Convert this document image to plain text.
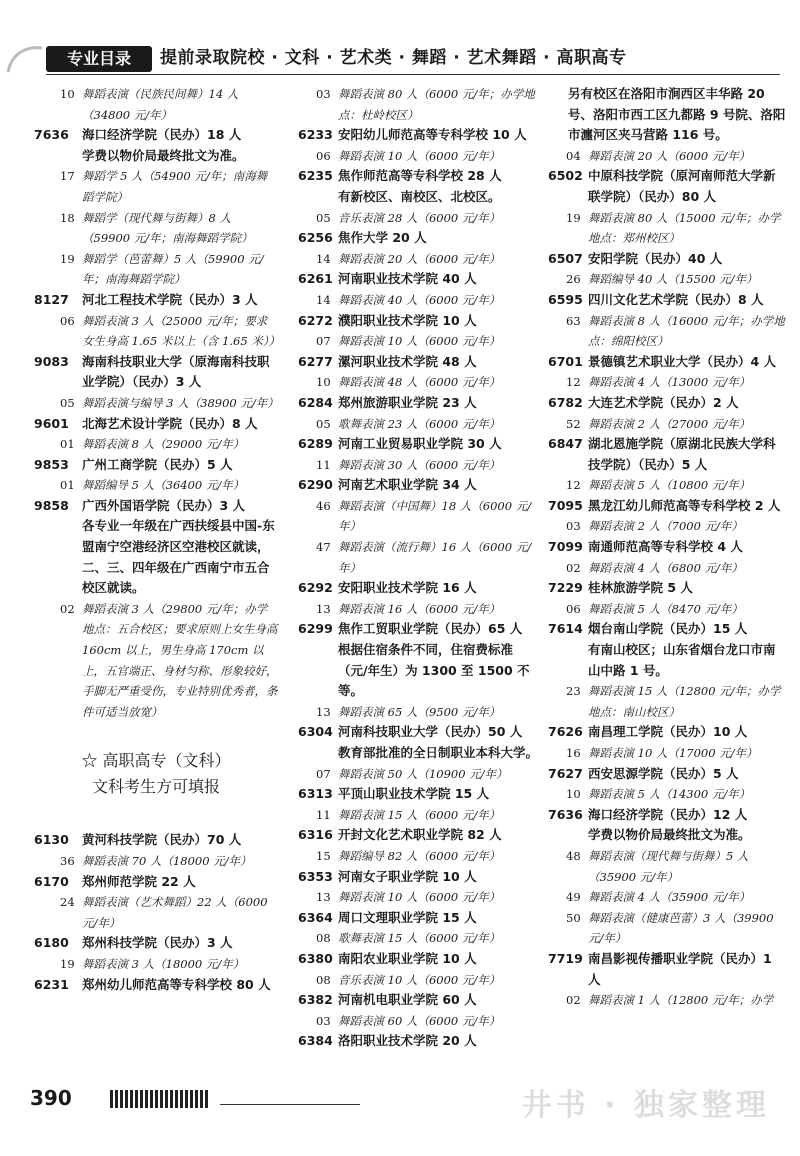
专业目录	提前录取院校 · 文科 · 艺术类 · 舞蹈 · 艺术舞蹈 · 高职高专
10 舞蹈表演（民族民间舞）14 人（34800 元/年）
7636	海口经济学院（民办）18 人
学费以物价局最终批文为准。
17 舞蹈学 5 人（54900 元/年；南海舞蹈学院）
18 舞蹈学（现代舞与街舞）8 人（59900 元/年；南海舞蹈学院）
19 舞蹈学（芭蕾舞）5 人（59900 元/年；南海舞蹈学院）
8127	河北工程技术学院（民办）3 人
06 舞蹈表演 3 人（25000 元/年；要求女生身高 1.65 米以上（含 1.65 米））
9083	海南科技职业大学（原海南科技职业学院）（民办）3 人
05 舞蹈表演与编导 3 人（38900 元/年）
9601	北海艺术设计学院（民办）8 人
01 舞蹈表演 8 人（29000 元/年）
9853	广州工商学院（民办）5 人
01 舞蹈编导 5 人（36400 元/年）
9858	广西外国语学院（民办）3 人
各专业一年级在广西扶绥县中国-东盟南宁空港经济区空港校区就读，二、三、四年级在广西南宁市五合校区就读。
02 舞蹈表演 3 人（29800 元/年；办学地点：五合校区；要求原则上女生身高 160cm 以上，男生身高 170cm 以上，五官端正、身材匀称、形象较好，手脚无严重受伤，专业特别优秀者，条件可适当放宽）
☆ 高职高专（文科）
文科考生方可填报
6130	黄河科技学院（民办）70 人
36 舞蹈表演 70 人（18000 元/年）
6170	郑州师范学院 22 人
24 舞蹈表演（艺术舞蹈）22 人（6000 元/年）
6180	郑州科技学院（民办）3 人
19 舞蹈表演 3 人（18000 元/年）
6231	郑州幼儿师范高等专科学校 80 人
03 舞蹈表演 80 人（6000 元/年；办学地点：杜岭校区）
6233 安阳幼儿师范高等专科学校 10 人
06 舞蹈表演 10 人（6000 元/年）
6235 焦作师范高等专科学校 28 人
有新校区、南校区、北校区。
05 音乐表演 28 人（6000 元/年）
6256 焦作大学 20 人
14 舞蹈表演 20 人（6000 元/年）
6261 河南职业技术学院 40 人
14 舞蹈表演 40 人（6000 元/年）
6272 濮阳职业技术学院 10 人
07 舞蹈表演 10 人（6000 元/年）
6277 漯河职业技术学院 48 人
10 舞蹈表演 48 人（6000 元/年）
6284 郑州旅游职业学院 23 人
05 歌舞表演 23 人（6000 元/年）
6289 河南工业贸易职业学院 30 人
11 舞蹈表演 30 人（6000 元/年）
6290 河南艺术职业学院 34 人
46 舞蹈表演（中国舞）18 人（6000 元/年）
47 舞蹈表演（流行舞）16 人（6000 元/年）
6292 安阳职业技术学院 16 人
13 舞蹈表演 16 人（6000 元/年）
6299 焦作工贸职业学院（民办）65 人
根据住宿条件不同，住宿费标准（元/年生）为 1300 至 1500 不等。
13 舞蹈表演 65 人（9500 元/年）
6304 河南科技职业大学（民办）50 人
教育部批准的全日制职业本科大学。
07 舞蹈表演 50 人（10900 元/年）
6313 平顶山职业技术学院 15 人
11 舞蹈表演 15 人（6000 元/年）
6316 开封文化艺术职业学院 82 人
15 舞蹈编导 82 人（6000 元/年）
6353 河南女子职业学院 10 人
13 舞蹈表演 10 人（6000 元/年）
6364 周口文理职业学院 15 人
08 歌舞表演 15 人（6000 元/年）
6380 南阳农业职业学院 10 人
08 音乐表演 10 人（6000 元/年）
6382 河南机电职业学院 60 人
03 舞蹈表演 60 人（6000 元/年）
6384 洛阳职业技术学院 20 人
另有校区在洛阳市涧西区丰华路 20 号、洛阳市西工区九都路 9 号院、洛阳市瀍河区夹马营路 116 号。
04 舞蹈表演 20 人（6000 元/年）
6502 中原科技学院（原河南师范大学新联学院）（民办）80 人
19 舞蹈表演 80 人（15000 元/年；办学地点：郑州校区）
6507 安阳学院（民办）40 人
26 舞蹈编导 40 人（15500 元/年）
6595 四川文化艺术学院（民办）8 人
63 舞蹈表演 8 人（16000 元/年；办学地点：绵阳校区）
6701 景德镇艺术职业大学（民办）4 人
12 舞蹈表演 4 人（13000 元/年）
6782 大连艺术学院（民办）2 人
52 舞蹈表演 2 人（27000 元/年）
6847 湖北恩施学院（原湖北民族大学科技学院）（民办）5 人
12 舞蹈表演 5 人（10800 元/年）
7095 黑龙江幼儿师范高等专科学校 2 人
03 舞蹈表演 2 人（7000 元/年）
7099 南通师范高等专科学校 4 人
02 舞蹈表演 4 人（6800 元/年）
7229 桂林旅游学院 5 人
06 舞蹈表演 5 人（8470 元/年）
7614 烟台南山学院（民办）15 人
有南山校区；山东省烟台龙口市南山中路 1 号。
23 舞蹈表演 15 人（12800 元/年；办学地点：南山校区）
7626 南昌理工学院（民办）10 人
16 舞蹈表演 10 人（17000 元/年）
7627 西安思源学院（民办）5 人
10 舞蹈表演 5 人（14300 元/年）
7636 海口经济学院（民办）12 人
学费以物价局最终批文为准。
48 舞蹈表演（现代舞与街舞）5 人（35900 元/年）
49 舞蹈表演 4 人（35900 元/年）
50 舞蹈表演（健康芭蕾）3 人（39900 元/年）
7719 南昌影视传播职业学院（民办）1 人
02 舞蹈表演 1 人（12800 元/年；办学
390	井书 · 独家整理
